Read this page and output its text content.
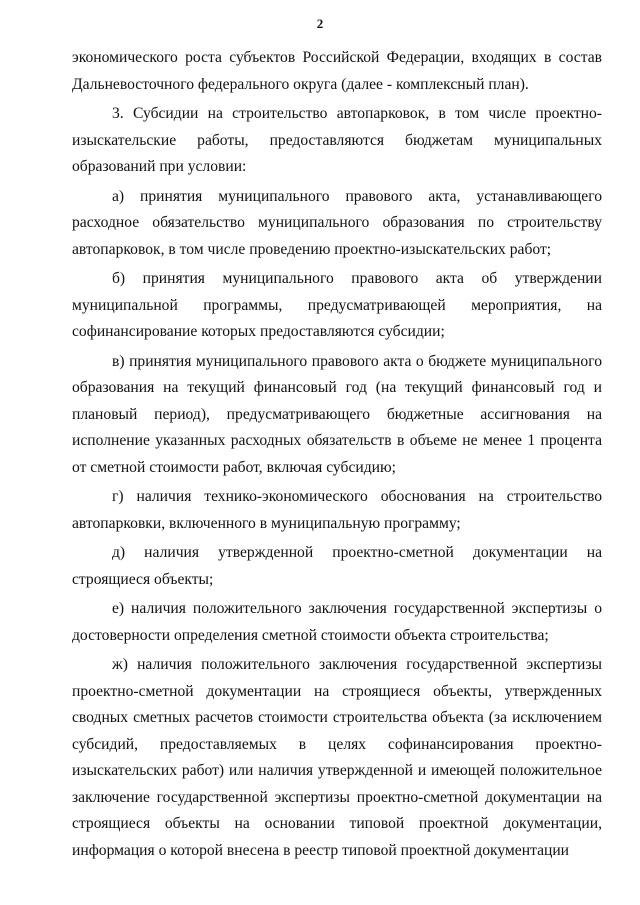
2

экономического роста субъектов Российской Федерации, входящих в состав Дальневосточного федерального округа (далее - комплексный план).

3. Субсидии на строительство автопарковок, в том числе проектно-изыскательские работы, предоставляются бюджетам муниципальных образований при условии:

а) принятия муниципального правового акта, устанавливающего расходное обязательство муниципального образования по строительству автопарковок, в том числе проведению проектно-изыскательских работ;

б) принятия муниципального правового акта об утверждении муниципальной программы, предусматривающей мероприятия, на софинансирование которых предоставляются субсидии;

в) принятия муниципального правового акта о бюджете муниципального образования на текущий финансовый год (на текущий финансовый год и плановый период), предусматривающего бюджетные ассигнования на исполнение указанных расходных обязательств в объеме не менее 1 процента от сметной стоимости работ, включая субсидию;

г) наличия технико-экономического обоснования на строительство автопарковки, включенного в муниципальную программу;

д) наличия утвержденной проектно-сметной документации на строящиеся объекты;

е) наличия положительного заключения государственной экспертизы о достоверности определения сметной стоимости объекта строительства;

ж) наличия положительного заключения государственной экспертизы проектно-сметной документации на строящиеся объекты, утвержденных сводных сметных расчетов стоимости строительства объекта (за исключением субсидий, предоставляемых в целях софинансирования проектно-изыскательских работ) или наличия утвержденной и имеющей положительное заключение государственной экспертизы проектно-сметной документации на строящиеся объекты на основании типовой проектной документации, информация о которой внесена в реестр типовой проектной документации
